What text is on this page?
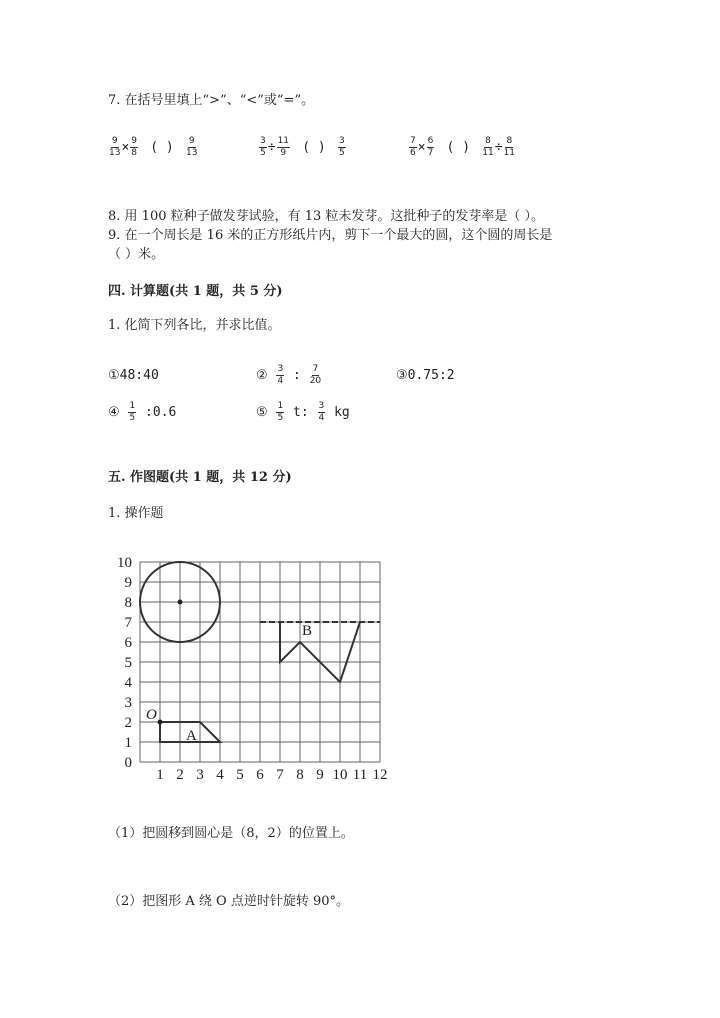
7. 在括号里填上“>”、“<”或“=”。
$\frac{9}{13} \times \frac{9}{8}$ ( ) $\frac{9}{13}$	$\frac{3}{5} \div \frac{11}{9}$ ( ) $\frac{3}{5}$	$\frac{7}{6} \times \frac{6}{7}$ ( ) $\frac{8}{11} \div \frac{8}{11}$
8. 用 100 粒种子做发芽试验，有 13 粒未发芽。这批种子的发芽率是（ ）。
9. 在一个周长是 16 米的正方形纸片内，剪下一个最大的圆，这个圆的周长是
（ ）米。
四. 计算题(共 1 题，共 5 分)
1. 化简下列各比，并求比值。
①48:40	② $\frac{3}{4}$ : $\frac{7}{20}$	③0.75:2
④ $\frac{1}{5}$ :0.6	⑤ $\frac{1}{5} t$: $\frac{3}{4}$ kg
五. 作图题(共 1 题，共 12 分)
1. 操作题
1 2 3 4 5 6 7 8 9 10 11 12
0
1
2
3
4
5
6
7
8
9
10
A
B
O
（1）把圆移到圆心是（8，2）的位置上。
（2）把图形 A 绕 O 点逆时针旋转 90°。
